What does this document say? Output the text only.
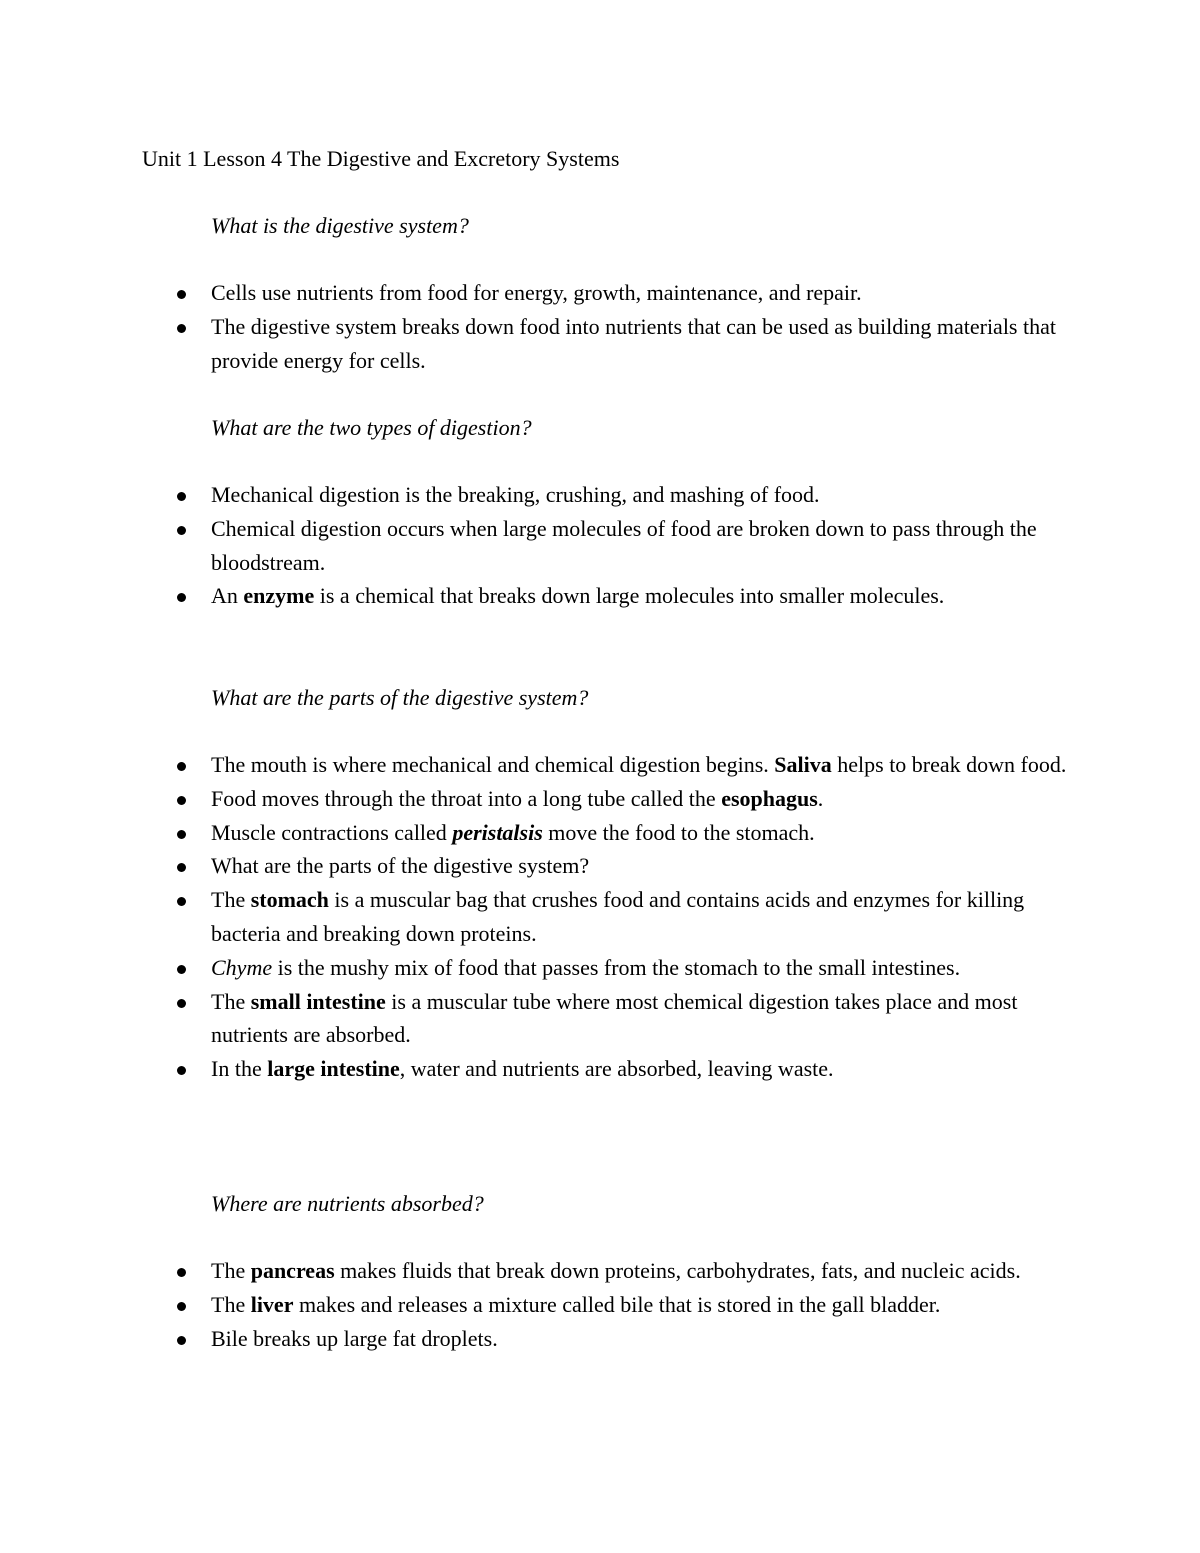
Unit 1 Lesson 4 The Digestive and Excretory Systems

What is the digestive system?

Cells use nutrients from food for energy, growth, maintenance, and repair.
The digestive system breaks down food into nutrients that can be used as building materials that provide energy for cells.

What are the two types of digestion?

Mechanical digestion is the breaking, crushing, and mashing of food.
Chemical digestion occurs when large molecules of food are broken down to pass through the bloodstream.
An enzyme is a chemical that breaks down large molecules into smaller molecules.

What are the parts of the digestive system?

The mouth is where mechanical and chemical digestion begins. Saliva helps to break down food.
Food moves through the throat into a long tube called the esophagus.
Muscle contractions called peristalsis move the food to the stomach.
What are the parts of the digestive system?
The stomach is a muscular bag that crushes food and contains acids and enzymes for killing bacteria and breaking down proteins.
Chyme is the mushy mix of food that passes from the stomach to the small intestines.
The small intestine is a muscular tube where most chemical digestion takes place and most nutrients are absorbed.
In the large intestine, water and nutrients are absorbed, leaving waste.

Where are nutrients absorbed?

The pancreas makes fluids that break down proteins, carbohydrates, fats, and nucleic acids.
The liver makes and releases a mixture called bile that is stored in the gall bladder.
Bile breaks up large fat droplets.
